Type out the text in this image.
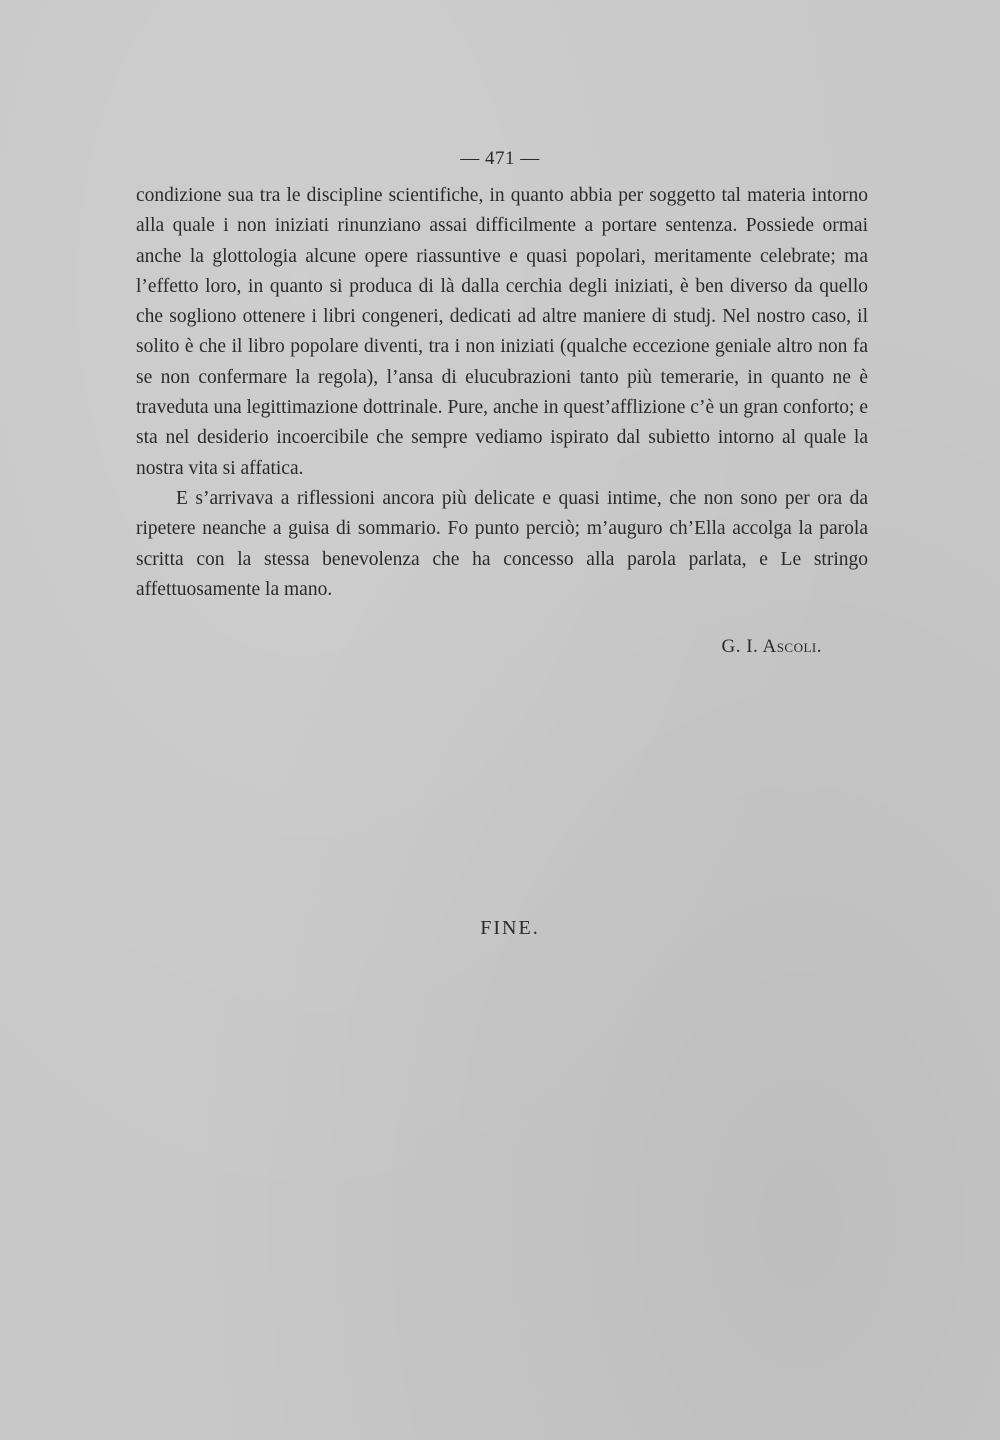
— 471 —

condizione sua tra le discipline scientifiche, in quanto abbia per soggetto tal materia intorno alla quale i non iniziati rinunziano assai difficilmente a portare sentenza. Possiede ormai anche la glottologia alcune opere riassuntive e quasi popolari, meritamente celebrate; ma l’effetto loro, in quanto si produca di là dalla cerchia degli iniziati, è ben diverso da quello che sogliono ottenere i libri congeneri, dedicati ad altre maniere di studj. Nel nostro caso, il solito è che il libro popolare diventi, tra i non iniziati (qualche eccezione geniale altro non fa se non confermare la regola), l’ansa di elucubrazioni tanto più temerarie, in quanto ne è traveduta una legittimazione dottrinale. Pure, anche in quest’afflizione c’è un gran conforto; e sta nel desiderio incoercibile che sempre vediamo ispirato dal subietto intorno al quale la nostra vita si affatica.

E s’arrivava a riflessioni ancora più delicate e quasi intime, che non sono per ora da ripetere neanche a guisa di sommario. Fo punto perciò; m’auguro ch’Ella accolga la parola scritta con la stessa benevolenza che ha concesso alla parola parlata, e Le stringo affettuosamente la mano.

G. I. Ascoli.
FINE.
